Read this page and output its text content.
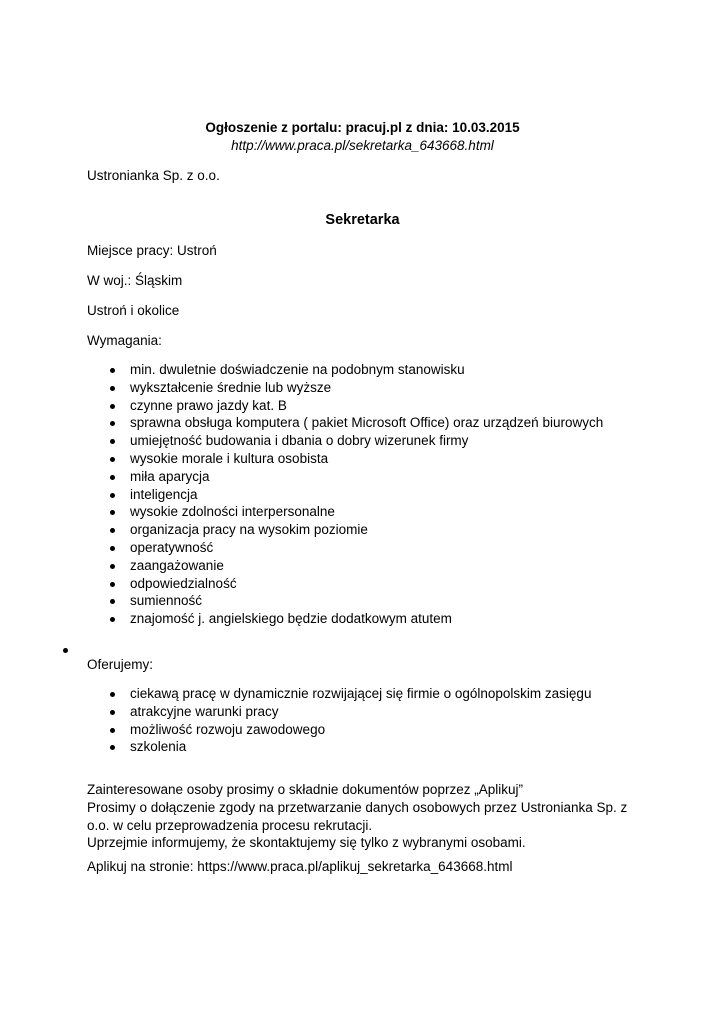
Ogłoszenie z portalu: pracuj.pl z dnia: 10.03.2015
http://www.praca.pl/sekretarka_643668.html
Ustronianka Sp. z o.o.
Sekretarka
Miejsce pracy: Ustroń
W woj.: Śląskim
Ustroń i okolice
Wymagania:
min. dwuletnie doświadczenie na podobnym stanowisku
wykształcenie średnie lub wyższe
czynne prawo jazdy kat. B
sprawna obsługa komputera ( pakiet Microsoft Office) oraz urządzeń biurowych
umiejętność budowania i dbania o dobry wizerunek firmy
wysokie morale i kultura osobista
miła aparycja
inteligencja
wysokie zdolności interpersonalne
organizacja pracy na wysokim poziomie
operatywność
zaangażowanie
odpowiedzialność
sumienność
znajomość j. angielskiego będzie dodatkowym atutem
Oferujemy:
ciekawą pracę w dynamicznie rozwijającej się firmie o ogólnopolskim zasięgu
atrakcyjne warunki pracy
możliwość rozwoju zawodowego
szkolenia

Zainteresowane osoby prosimy o składnie dokumentów poprzez „Aplikuj”

Prosimy o dołączenie zgody na przetwarzanie danych osobowych przez Ustronianka Sp. z o.o. w celu przeprowadzenia procesu rekrutacji.

Uprzejmie informujemy, że skontaktujemy się tylko z wybranymi osobami.

Aplikuj na stronie: https://www.praca.pl/aplikuj_sekretarka_643668.html
